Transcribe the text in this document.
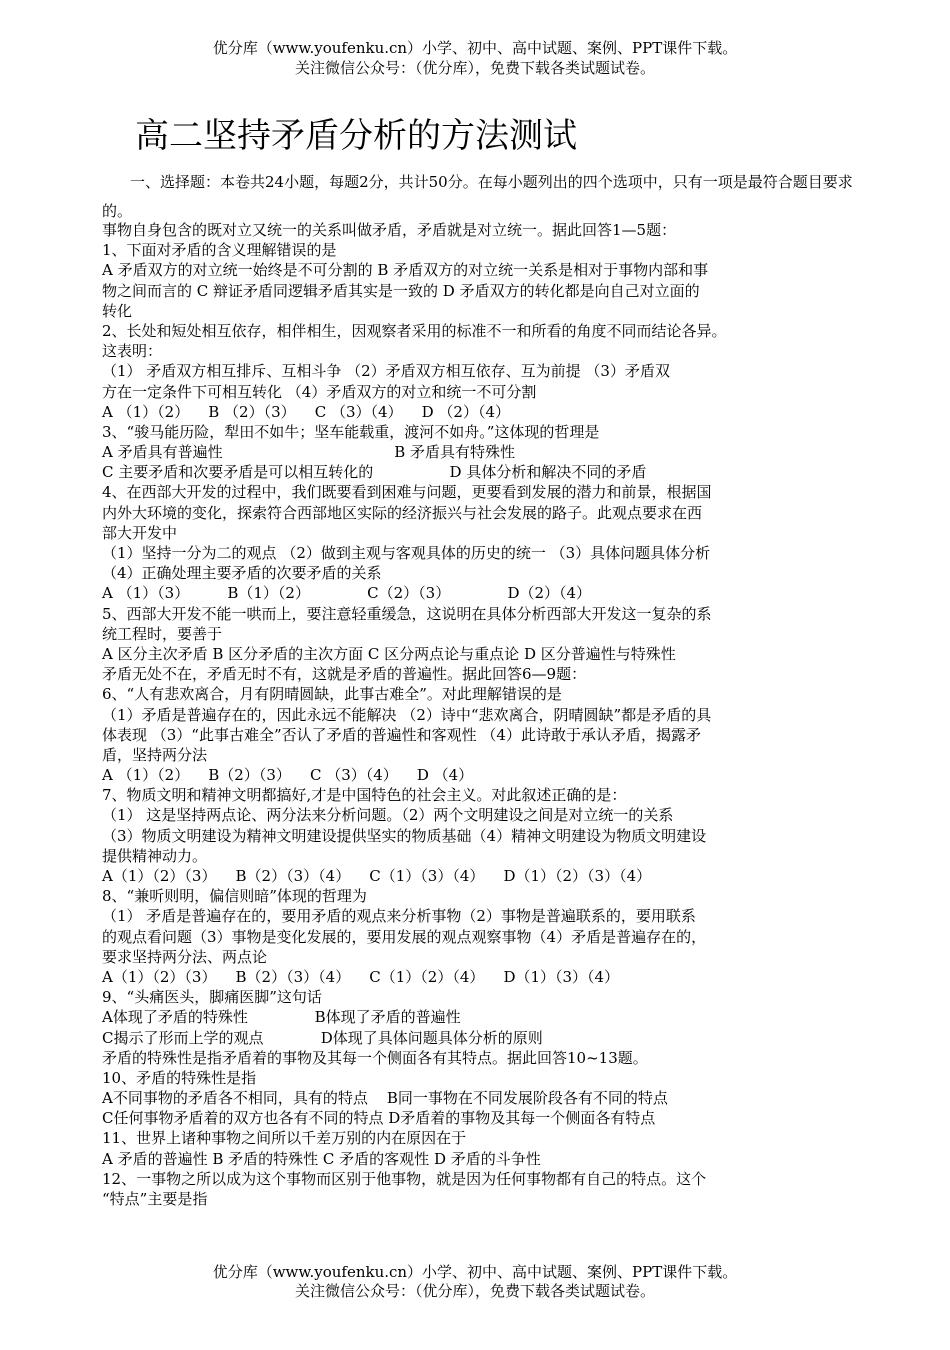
优分库（www.youfenku.cn）小学、初中、高中试题、案例、PPT课件下载。
关注微信公众号：（优分库），免费下载各类试题试卷。
高二坚持矛盾分析的方法测试
一、选择题：本卷共24小题，每题2分，共计50分。在每小题列出的四个选项中，只有一项是最符合题目要求的。
事物自身包含的既对立又统一的关系叫做矛盾，矛盾就是对立统一。据此回答1—5题：
1、下面对矛盾的含义理解错误的是
A 矛盾双方的对立统一始终是不可分割的 B 矛盾双方的对立统一关系是相对于事物内部和事
物之间而言的 C 辩证矛盾同逻辑矛盾其实是一致的 D 矛盾双方的转化都是向自己对立面的
转化
2、长处和短处相互依存，相伴相生，因观察者采用的标准不一和所看的角度不同而结论各异。
这表明：
（1） 矛盾双方相互排斥、互相斗争 （2）矛盾双方相互依存、互为前提 （3）矛盾双
方在一定条件下可相互转化 （4）矛盾双方的对立和统一不可分割
A （1）（2）    B （2）（3）    C （3）（4）    D （2）（4）
3、“骏马能历险，犁田不如牛；坚车能载重，渡河不如舟。”这体现的哲理是
A 矛盾具有普遍性                                    B 矛盾具有特殊性
C 主要矛盾和次要矛盾是可以相互转化的                D 具体分析和解决不同的矛盾
4、在西部大开发的过程中，我们既要看到困难与问题，更要看到发展的潜力和前景，根据国
内外大环境的变化，探索符合西部地区实际的经济振兴与社会发展的路子。此观点要求在西
部大开发中
（1）坚持一分为二的观点 （2）做到主观与客观具体的历史的统一 （3）具体问题具体分析
（4）正确处理主要矛盾的次要矛盾的关系
A （1）（3）        B（1）（2）            C（2）（3）            D（2）（4）
5、西部大开发不能一哄而上，要注意轻重缓急，这说明在具体分析西部大开发这一复杂的系
统工程时，要善于
A 区分主次矛盾 B 区分矛盾的主次方面 C 区分两点论与重点论 D 区分普遍性与特殊性
矛盾无处不在，矛盾无时不有，这就是矛盾的普遍性。据此回答6—9题：
6、“人有悲欢离合，月有阴晴圆缺，此事古难全”。对此理解错误的是
（1）矛盾是普遍存在的，因此永远不能解决 （2）诗中“悲欢离合，阴晴圆缺”都是矛盾的具
体表现 （3）“此事古难全”否认了矛盾的普遍性和客观性 （4）此诗敢于承认矛盾，揭露矛
盾，坚持两分法
A （1）（2）    B（2）（3）    C （3）（4）    D （4）
7、物质文明和精神文明都搞好,才是中国特色的社会主义。对此叙述正确的是：
（1） 这是坚持两点论、两分法来分析问题。（2）两个文明建设之间是对立统一的关系
（3）物质文明建设为精神文明建设提供坚实的物质基础（4）精神文明建设为物质文明建设
提供精神动力。
A（1）（2）（3）    B（2）（3）（4）    C（1）（3）（4）    D（1）（2）（3）（4）
8、“兼听则明，偏信则暗”体现的哲理为
（1） 矛盾是普遍存在的，要用矛盾的观点来分析事物（2）事物是普遍联系的，要用联系
的观点看问题（3）事物是变化发展的，要用发展的观点观察事物（4）矛盾是普遍存在的，
要求坚持两分法、两点论
A（1）（2）（3）    B（2）（3）（4）    C（1）（2）（4）    D（1）（3）（4）
9、“头痛医头，脚痛医脚”这句话
A体现了矛盾的特殊性              B体现了矛盾的普遍性
C揭示了形而上学的观点            D体现了具体问题具体分析的原则
矛盾的特殊性是指矛盾着的事物及其每一个侧面各有其特点。据此回答10~13题。
10、矛盾的特殊性是指
A不同事物的矛盾各不相同，具有的特点    B同一事物在不同发展阶段各有不同的特点
C任何事物矛盾着的双方也各有不同的特点 D矛盾着的事物及其每一个侧面各有特点
11、世界上诸种事物之间所以千差万别的内在原因在于
A 矛盾的普遍性 B 矛盾的特殊性 C 矛盾的客观性 D 矛盾的斗争性
12、一事物之所以成为这个事物而区别于他事物，就是因为任何事物都有自己的特点。这个
“特点”主要是指
优分库（www.youfenku.cn）小学、初中、高中试题、案例、PPT课件下载。
关注微信公众号：（优分库），免费下载各类试题试卷。
